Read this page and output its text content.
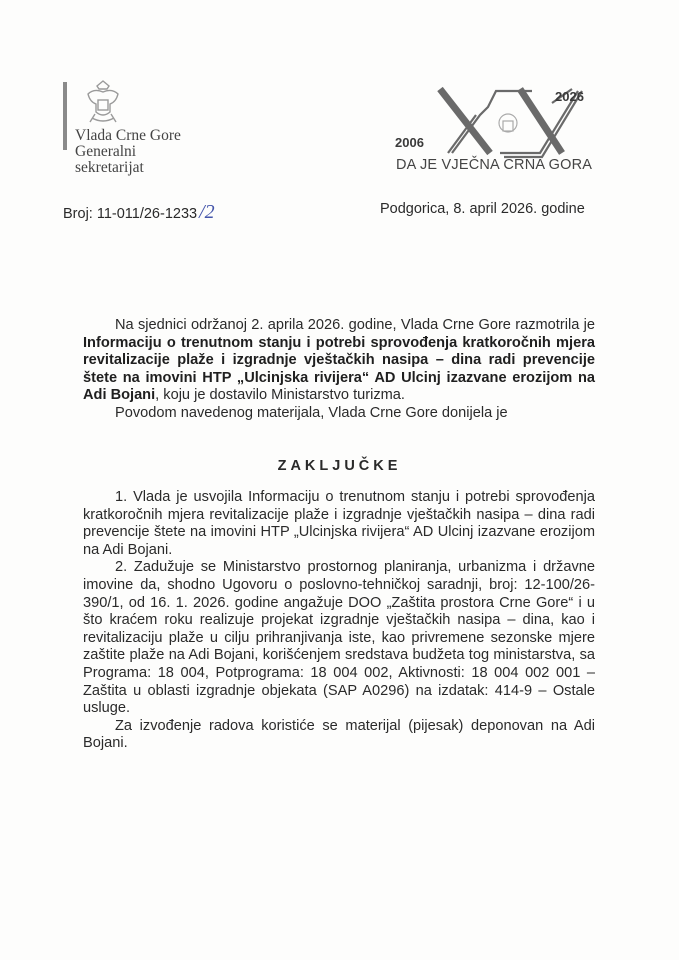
Vlada Crne Gore
Generalni
sekretarijat
2026
2006
DA JE VJEČNA CRNA GORA
Broj: 11-011/26-1233 /2	Podgorica, 8. april 2026. godine

Na sjednici održanoj 2. aprila 2026. godine, Vlada Crne Gore razmotrila je Informaciju o trenutnom stanju i potrebi sprovođenja kratkoročnih mjera revitalizacije plaže i izgradnje vještačkih nasipa – dina radi prevencije štete na imovini HTP „Ulcinjska rivijera“ AD Ulcinj izazvane erozijom na Adi Bojani, koju je dostavilo Ministarstvo turizma.

Povodom navedenog materijala, Vlada Crne Gore donijela je

ZAKLJUČKE

1. Vlada je usvojila Informaciju o trenutnom stanju i potrebi sprovođenja kratkoročnih mjera revitalizacije plaže i izgradnje vještačkih nasipa – dina radi prevencije štete na imovini HTP „Ulcinjska rivijera“ AD Ulcinj izazvane erozijom na Adi Bojani.

2. Zadužuje se Ministarstvo prostornog planiranja, urbanizma i državne imovine da, shodno Ugovoru o poslovno-tehničkoj saradnji, broj: 12-100/26-390/1, od 16. 1. 2026. godine angažuje DOO „Zaštita prostora Crne Gore“ i u što kraćem roku realizuje projekat izgradnje vještačkih nasipa – dina, kao i revitalizaciju plaže u cilju prihranjivanja iste, kao privremene sezonske mjere zaštite plaže na Adi Bojani, korišćenjem sredstava budžeta tog ministarstva, sa Programa: 18 004, Potprograma: 18 004 002, Aktivnosti: 18 004 002 001 – Zaštita u oblasti izgradnje objekata (SAP A0296) na izdatak: 414-9 – Ostale usluge.

Za izvođenje radova koristiće se materijal (pijesak) deponovan na Adi Bojani.
